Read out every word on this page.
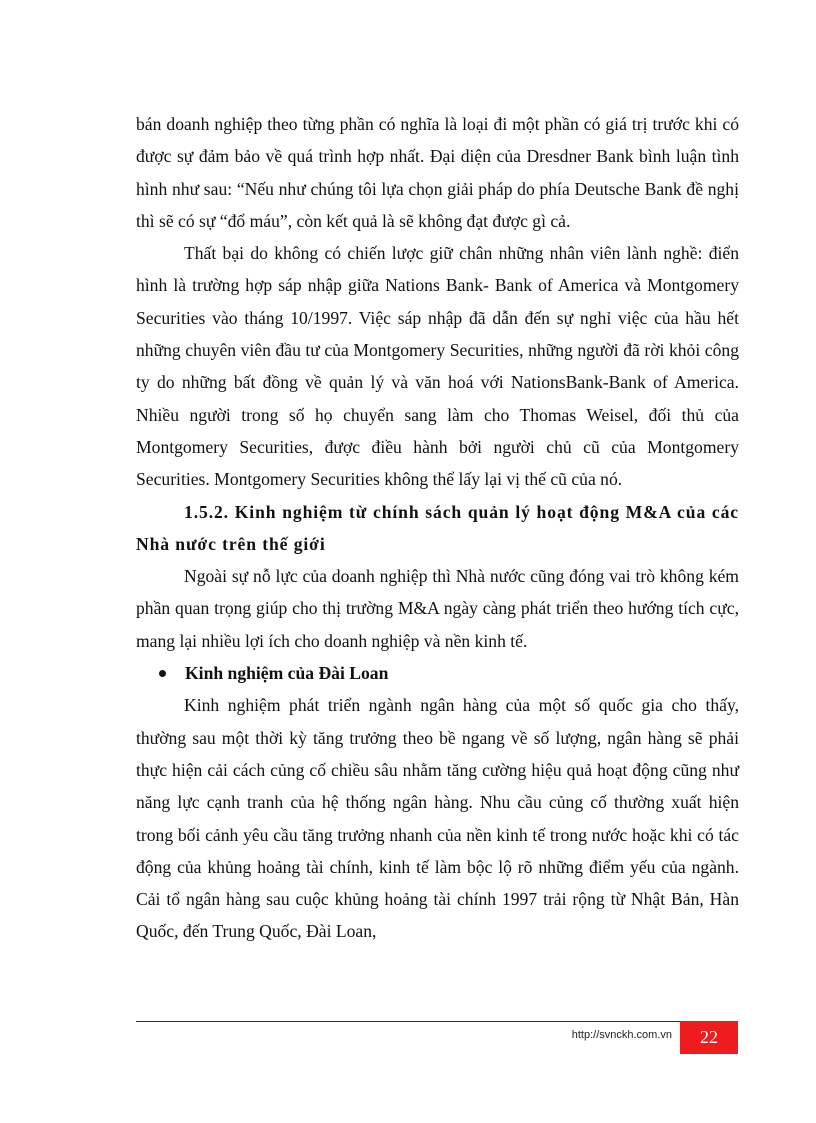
bán doanh nghiệp theo từng phần có nghĩa là loại đi một phần có giá trị trước khi có được sự đảm bảo về quá trình hợp nhất. Đại diện của Dresdner Bank bình luận tình hình như sau: “Nếu như chúng tôi lựa chọn giải pháp do phía Deutsche Bank đề nghị thì sẽ có sự “đổ máu”, còn kết quả là sẽ không đạt được gì cả.

Thất bại do không có chiến lược giữ chân những nhân viên lành nghề: điển hình là trường hợp sáp nhập giữa Nations Bank- Bank of America và Montgomery Securities vào tháng 10/1997. Việc sáp nhập đã dẫn đến sự nghỉ việc của hầu hết những chuyên viên đầu tư của Montgomery Securities, những người đã rời khỏi công ty do những bất đồng về quản lý và văn hoá với NationsBank-Bank of America. Nhiều người trong số họ chuyển sang làm cho Thomas Weisel, đối thủ của Montgomery Securities, được điều hành bởi người chủ cũ của Montgomery Securities. Montgomery Securities không thể lấy lại vị thế cũ của nó.

1.5.2. Kinh nghiệm từ chính sách quản lý hoạt động M&A của các Nhà nước trên thế giới

Ngoài sự nỗ lực của doanh nghiệp thì Nhà nước cũng đóng vai trò không kém phần quan trọng giúp cho thị trường M&A ngày càng phát triển theo hướng tích cực, mang lại nhiều lợi ích cho doanh nghiệp và nền kinh tế.

Kinh nghiệm của Đài Loan

Kinh nghiệm phát triển ngành ngân hàng của một số quốc gia cho thấy, thường sau một thời kỳ tăng trưởng theo bề ngang về số lượng, ngân hàng sẽ phải thực hiện cải cách củng cố chiều sâu nhằm tăng cường hiệu quả hoạt động cũng như năng lực cạnh tranh của hệ thống ngân hàng. Nhu cầu củng cố thường xuất hiện trong bối cảnh yêu cầu tăng trưởng nhanh của nền kinh tế trong nước hoặc khi có tác động của khủng hoảng tài chính, kinh tế làm bộc lộ rõ những điểm yếu của ngành. Cải tổ ngân hàng sau cuộc khủng hoảng tài chính 1997 trải rộng từ Nhật Bản, Hàn Quốc, đến Trung Quốc, Đài Loan,

http://svnckh.com.vn	22
